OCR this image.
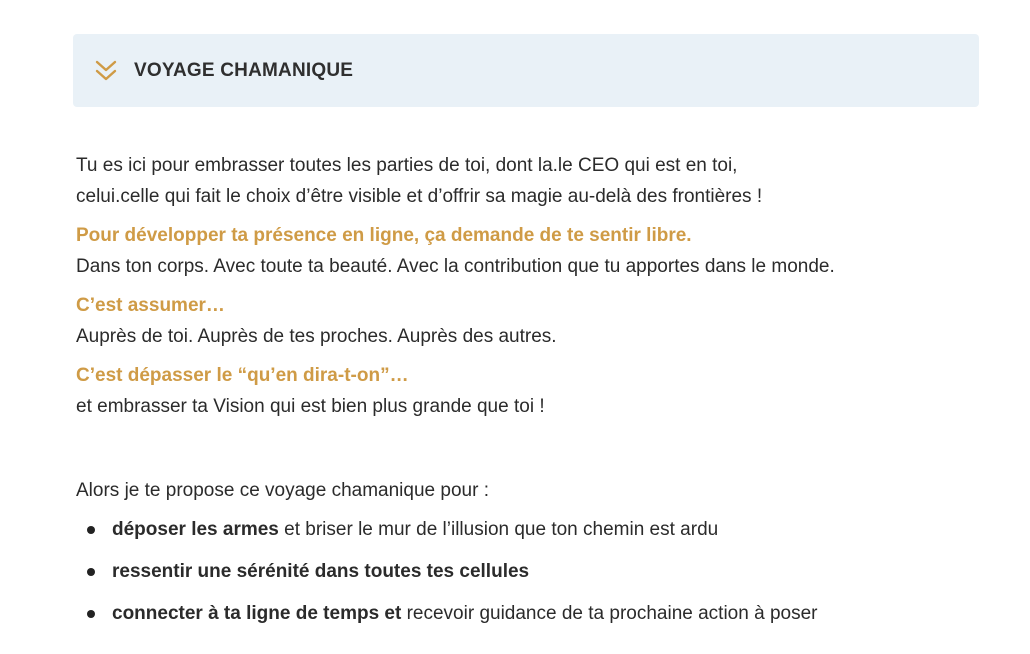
VOYAGE CHAMANIQUE

Tu es ici pour embrasser toutes les parties de toi, dont la.le CEO qui est en toi,

celui.celle qui fait le choix d’être visible et d’offrir sa magie au-delà des frontières !

Pour développer ta présence en ligne, ça demande de te sentir libre.

Dans ton corps. Avec toute ta beauté. Avec la contribution que tu apportes dans le monde.

C’est assumer…

Auprès de toi. Auprès de tes proches. Auprès des autres.

C’est dépasser le “qu’en dira-t-on”…

et embrasser ta Vision qui est bien plus grande que toi !

Alors je te propose ce voyage chamanique pour :

déposer les armes et briser le mur de l’illusion que ton chemin est ardu
ressentir une sérénité dans toutes tes cellules
connecter à ta ligne de temps et recevoir guidance de ta prochaine action à poser
